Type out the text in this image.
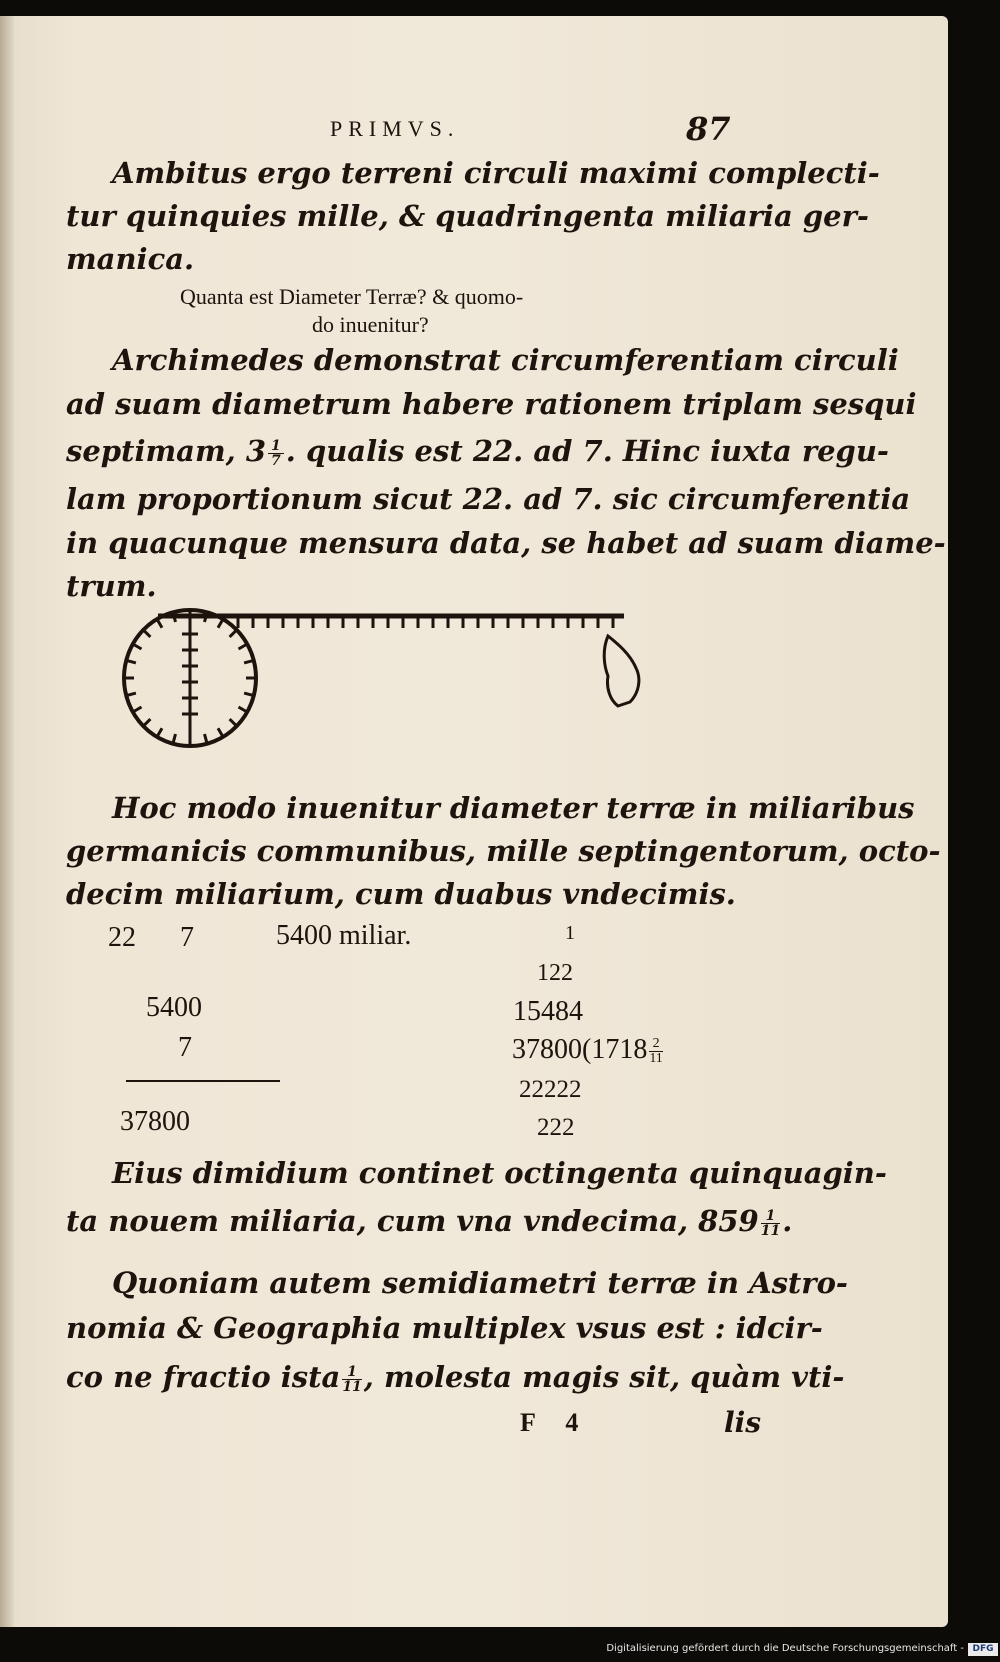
PRIMVS.	87
Ambitus ergo terreni circuli maximi complecti-
tur quinquies mille, & quadringenta miliaria ger-
manica.
Quanta est Diameter Terræ? & quomo-
do inuenitur?
Archimedes demonstrat circumferentiam circuli
ad suam diametrum habere rationem triplam sesqui
septimam, $3 \frac{1}{7}$ . qualis est 22. ad 7. Hinc iuxta regu-
lam proportionum sicut 22. ad 7. sic circumferentia
in quacunque mensura data, se habet ad suam diame-
trum.
Hoc modo inuenitur diameter terræ in miliaribus
germanicis communibus, mille septingentorum, octo-
decim miliarium, cum duabus vndecimis.
22 7	5400 miliar.
5400
7
37800
1
122
15484
$37800(1718 \frac{2}{11}$
22222
222
Eius dimidium continet octingenta quinquagin-
ta nouem miliaria, cum vna vndecima, $859 \frac{1}{11}$ .
Quoniam autem semidiametri terræ in Astro-
nomia & Geographia multiplex vsus est : idcir-
co ne fractio ista $\frac{1}{11}$ , molesta magis sit, quàm vti-
F 4	lis
Digitalisierung gefördert durch die Deutsche Forschungsgemeinschaft - DFG
